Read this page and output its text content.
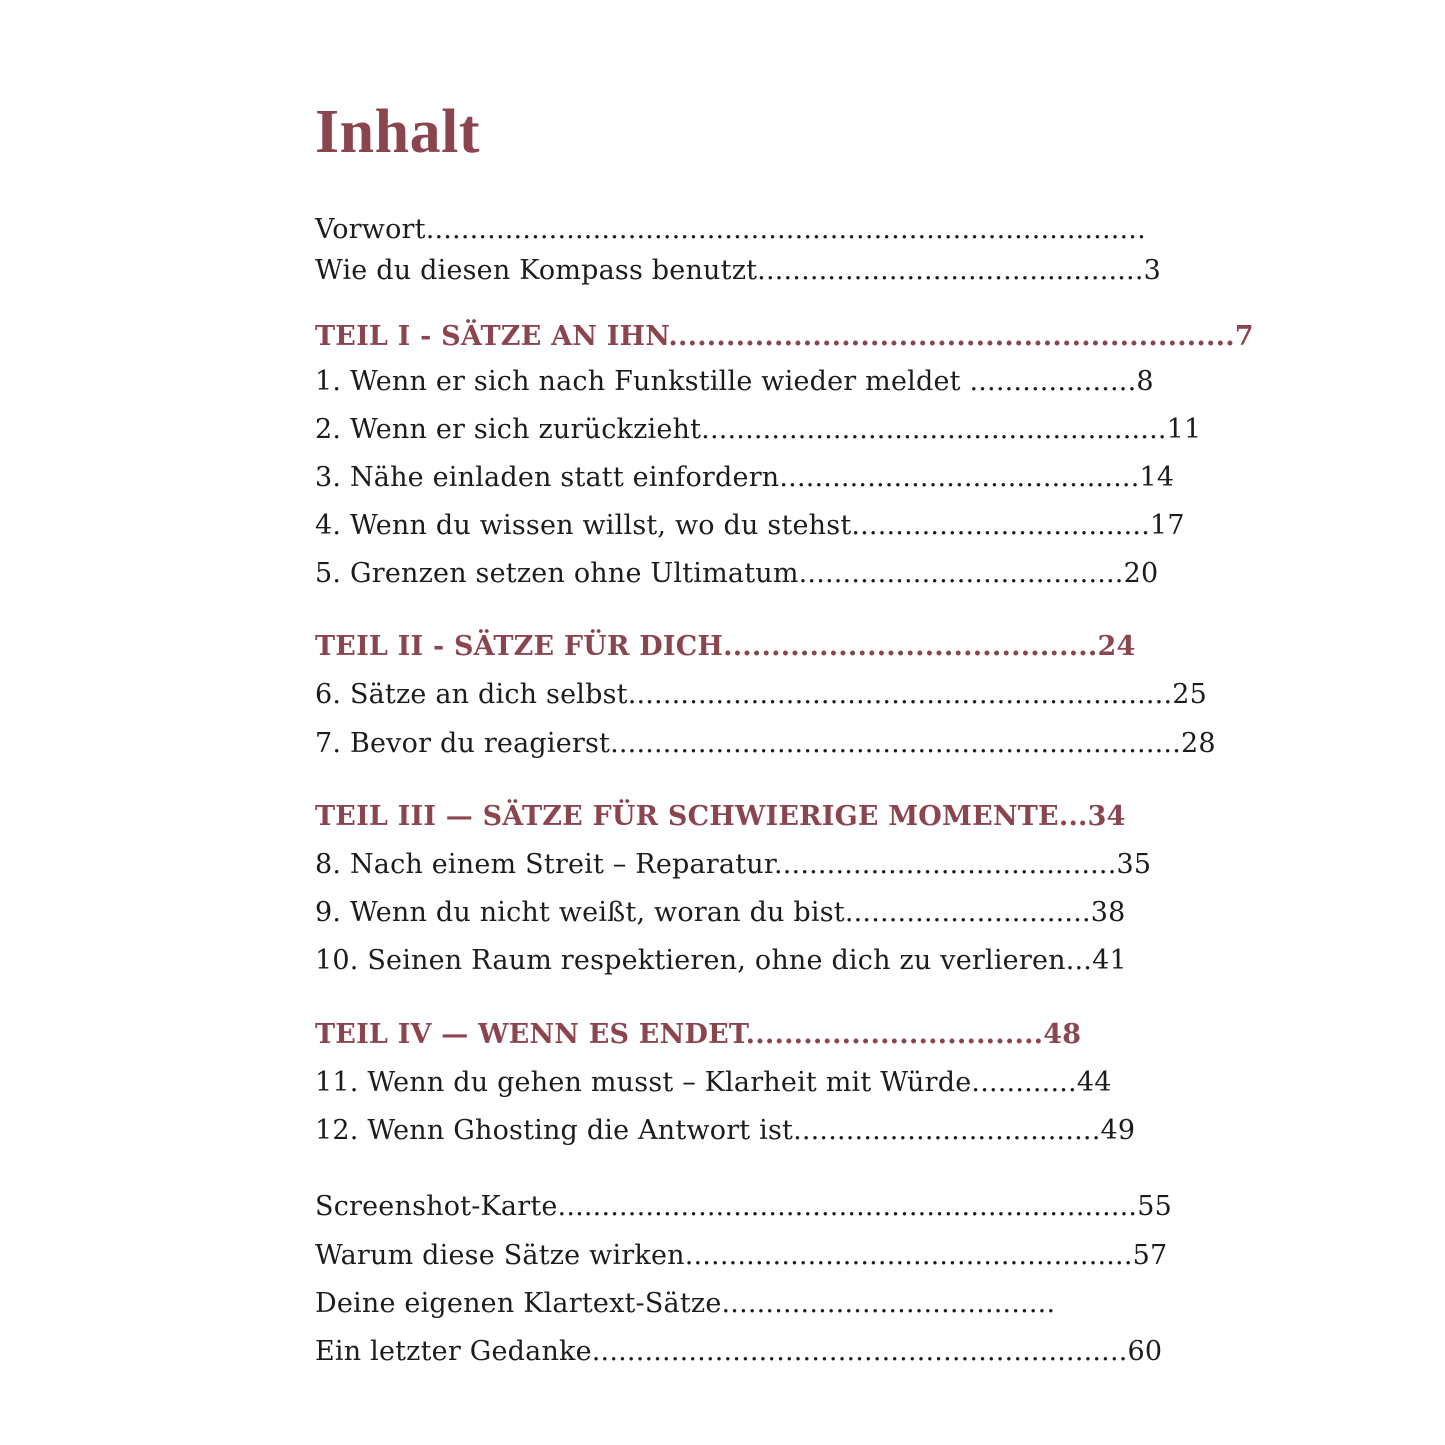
Inhalt
Vorwort..................................................................................
Wie du diesen Kompass benutzt............................................3
TEIL I - SÄTZE AN IHN...........................................................7
1. Wenn er sich nach Funkstille wieder meldet ...................8
2. Wenn er sich zurückzieht.....................................................11
3. Nähe einladen statt einfordern.........................................14
4. Wenn du wissen willst, wo du stehst..................................17
5. Grenzen setzen ohne Ultimatum.....................................20
TEIL II - SÄTZE FÜR DICH.......................................24
6. Sätze an dich selbst..............................................................25
7. Bevor du reagierst.................................................................28
TEIL III — SÄTZE FÜR SCHWIERIGE MOMENTE...34
8. Nach einem Streit – Reparatur.......................................35
9. Wenn du nicht weißt, woran du bist............................38
10. Seinen Raum respektieren, ohne dich zu verlieren...41
TEIL IV — WENN ES ENDET...............................48
11. Wenn du gehen musst – Klarheit mit Würde............44
12. Wenn Ghosting die Antwort ist...................................49
Screenshot-Karte..................................................................55
Warum diese Sätze wirken...................................................57
Deine eigenen Klartext-Sätze......................................
Ein letzter Gedanke.............................................................60
